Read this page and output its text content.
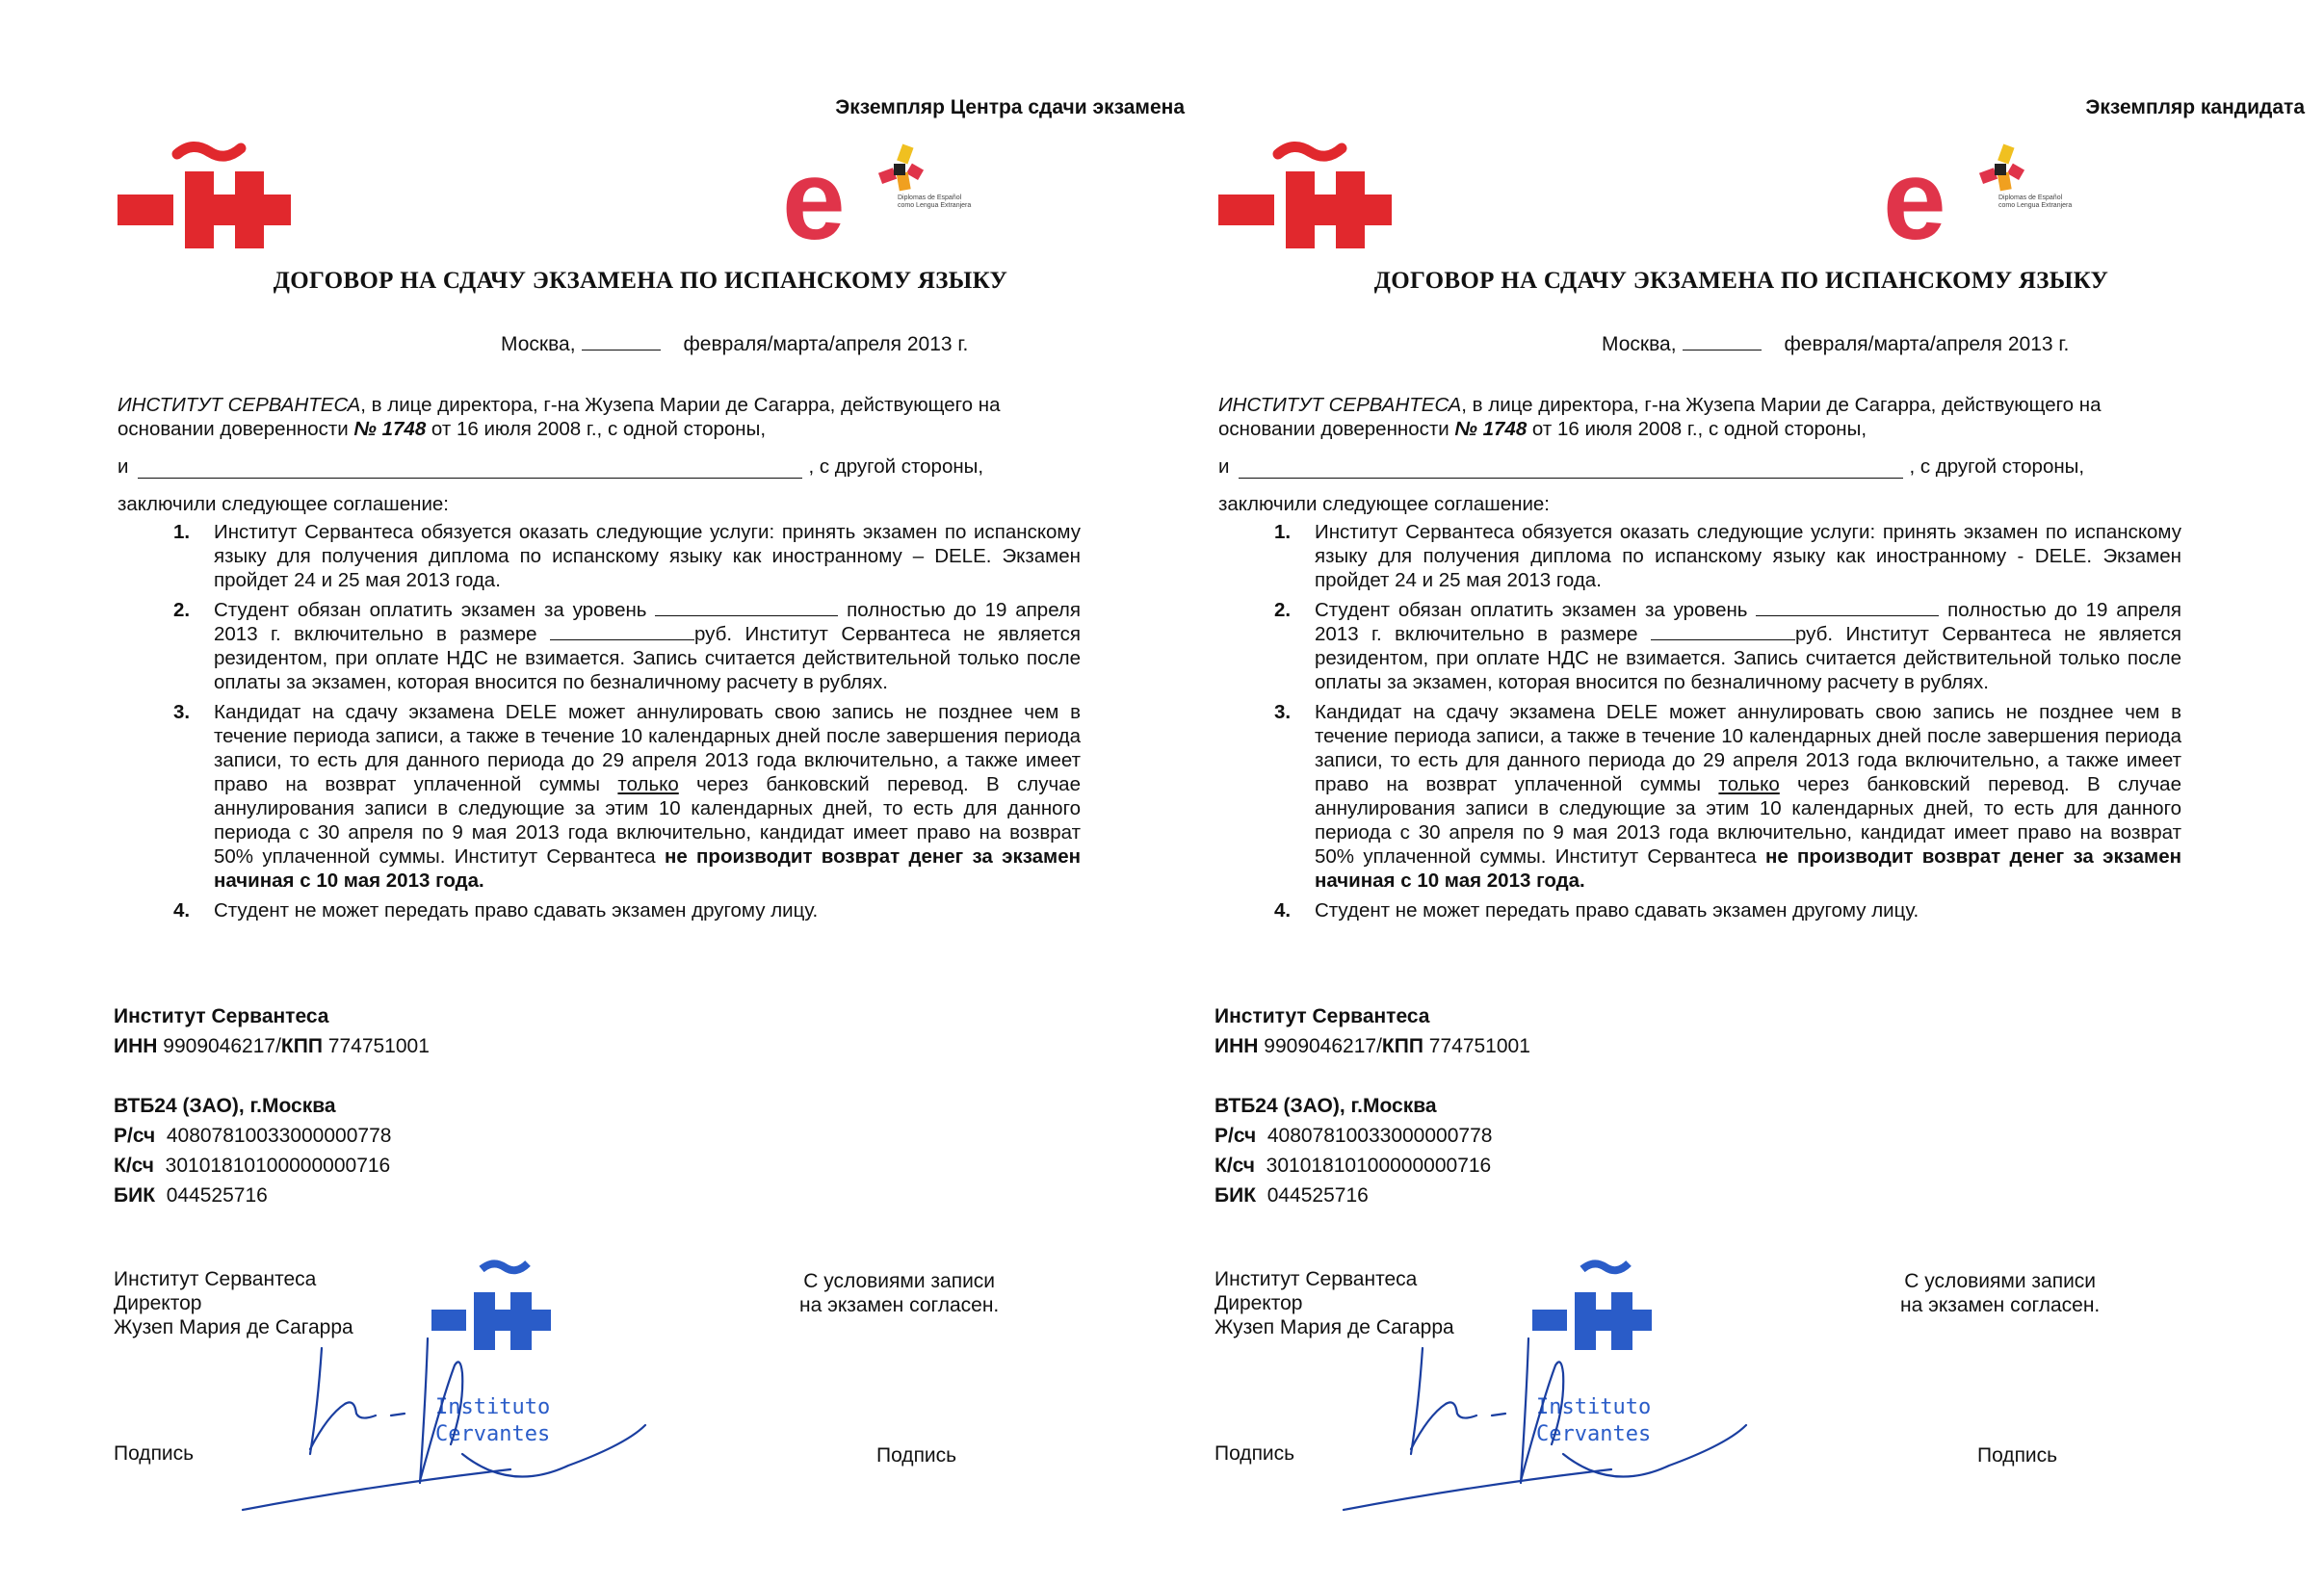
Экземпляр Центра сдачи экзамена
e	Diplomas de Español como Lengua Extranjera
ДОГОВОР НА СДАЧУ ЭКЗАМЕНА ПО ИСПАНСКОМУ ЯЗЫКУ
Москва,	февраля/марта/апреля 2013 г.
ИНСТИТУТ СЕРВАНТЕСА, в лице директора, г-на Жузепа Марии де Сагарра, действующего на основании доверенности № 1748 от 16 июля 2008 г., с одной стороны,
и	, с другой стороны,
заключили следующее соглашение:
1. Институт Сервантеса обязуется оказать следующие услуги: принять экзамен по испанскому языку для получения диплома по испанскому языку как иностранному – DELE. Экзамен пройдет 24 и 25 мая 2013 года.
2. Студент обязан оплатить экзамен за уровень	полностью до 19 апреля 2013 г. включительно в размере	руб. Институт Сервантеса не является резидентом, при оплате НДС не взимается. Запись считается действительной только после оплаты за экзамен, которая вносится по безналичному расчету в рублях.
3. Кандидат на сдачу экзамена DELE может аннулировать свою запись не позднее чем в течение периода записи, а также в течение 10 календарных дней после завершения периода записи, то есть для данного периода до 29 апреля 2013 года включительно, а также имеет право на возврат уплаченной суммы только через банковский перевод. В случае аннулирования записи в следующие за этим 10 календарных дней, то есть для данного периода с 30 апреля по 9 мая 2013 года включительно, кандидат имеет право на возврат 50% уплаченной суммы. Институт Сервантеса не производит возврат денег за экзамен начиная с 10 мая 2013 года.
4. Студент не может передать право сдавать экзамен другому лицу.
Институт Сервантеса
ИНН 9909046217/КПП 774751001
ВТБ24 (ЗАО), г.Москва
Р/сч 40807810033000000778
К/сч 30101810100000000716
БИК 044525716
Институт Сервантеса
Директор
Жузеп Мария де Сагарра
С условиями записи
на экзамен согласен.
Instituto
Cervantes
Подпись	Подпись
Экземпляр кандидата
e	Diplomas de Español como Lengua Extranjera
ДОГОВОР НА СДАЧУ ЭКЗАМЕНА ПО ИСПАНСКОМУ ЯЗЫКУ
Москва,	февраля/марта/апреля 2013 г.
ИНСТИТУТ СЕРВАНТЕСА, в лице директора, г-на Жузепа Марии де Сагарра, действующего на основании доверенности № 1748 от 16 июля 2008 г., с одной стороны,
и	, с другой стороны,
заключили следующее соглашение:
1. Институт Сервантеса обязуется оказать следующие услуги: принять экзамен по испанскому языку для получения диплома по испанскому языку как иностранному - DELE. Экзамен пройдет 24 и 25 мая 2013 года.
2. Студент обязан оплатить экзамен за уровень	полностью до 19 апреля 2013 г. включительно в размере	руб. Институт Сервантеса не является резидентом, при оплате НДС не взимается. Запись считается действительной только после оплаты за экзамен, которая вносится по безналичному расчету в рублях.
3. Кандидат на сдачу экзамена DELE может аннулировать свою запись не позднее чем в течение периода записи, а также в течение 10 календарных дней после завершения периода записи, то есть для данного периода до 29 апреля 2013 года включительно, а также имеет право на возврат уплаченной суммы только через банковский перевод. В случае аннулирования записи в следующие за этим 10 календарных дней, то есть для данного периода с 30 апреля по 9 мая 2013 года включительно, кандидат имеет право на возврат 50% уплаченной суммы. Институт Сервантеса не производит возврат денег за экзамен начиная с 10 мая 2013 года.
4. Студент не может передать право сдавать экзамен другому лицу.
Институт Сервантеса
ИНН 9909046217/КПП 774751001
ВТБ24 (ЗАО), г.Москва
Р/сч 40807810033000000778
К/сч 30101810100000000716
БИК 044525716
Институт Сервантеса
Директор
Жузеп Мария де Сагарра
С условиями записи
на экзамен согласен.
Instituto
Cervantes
Подпись	Подпись
